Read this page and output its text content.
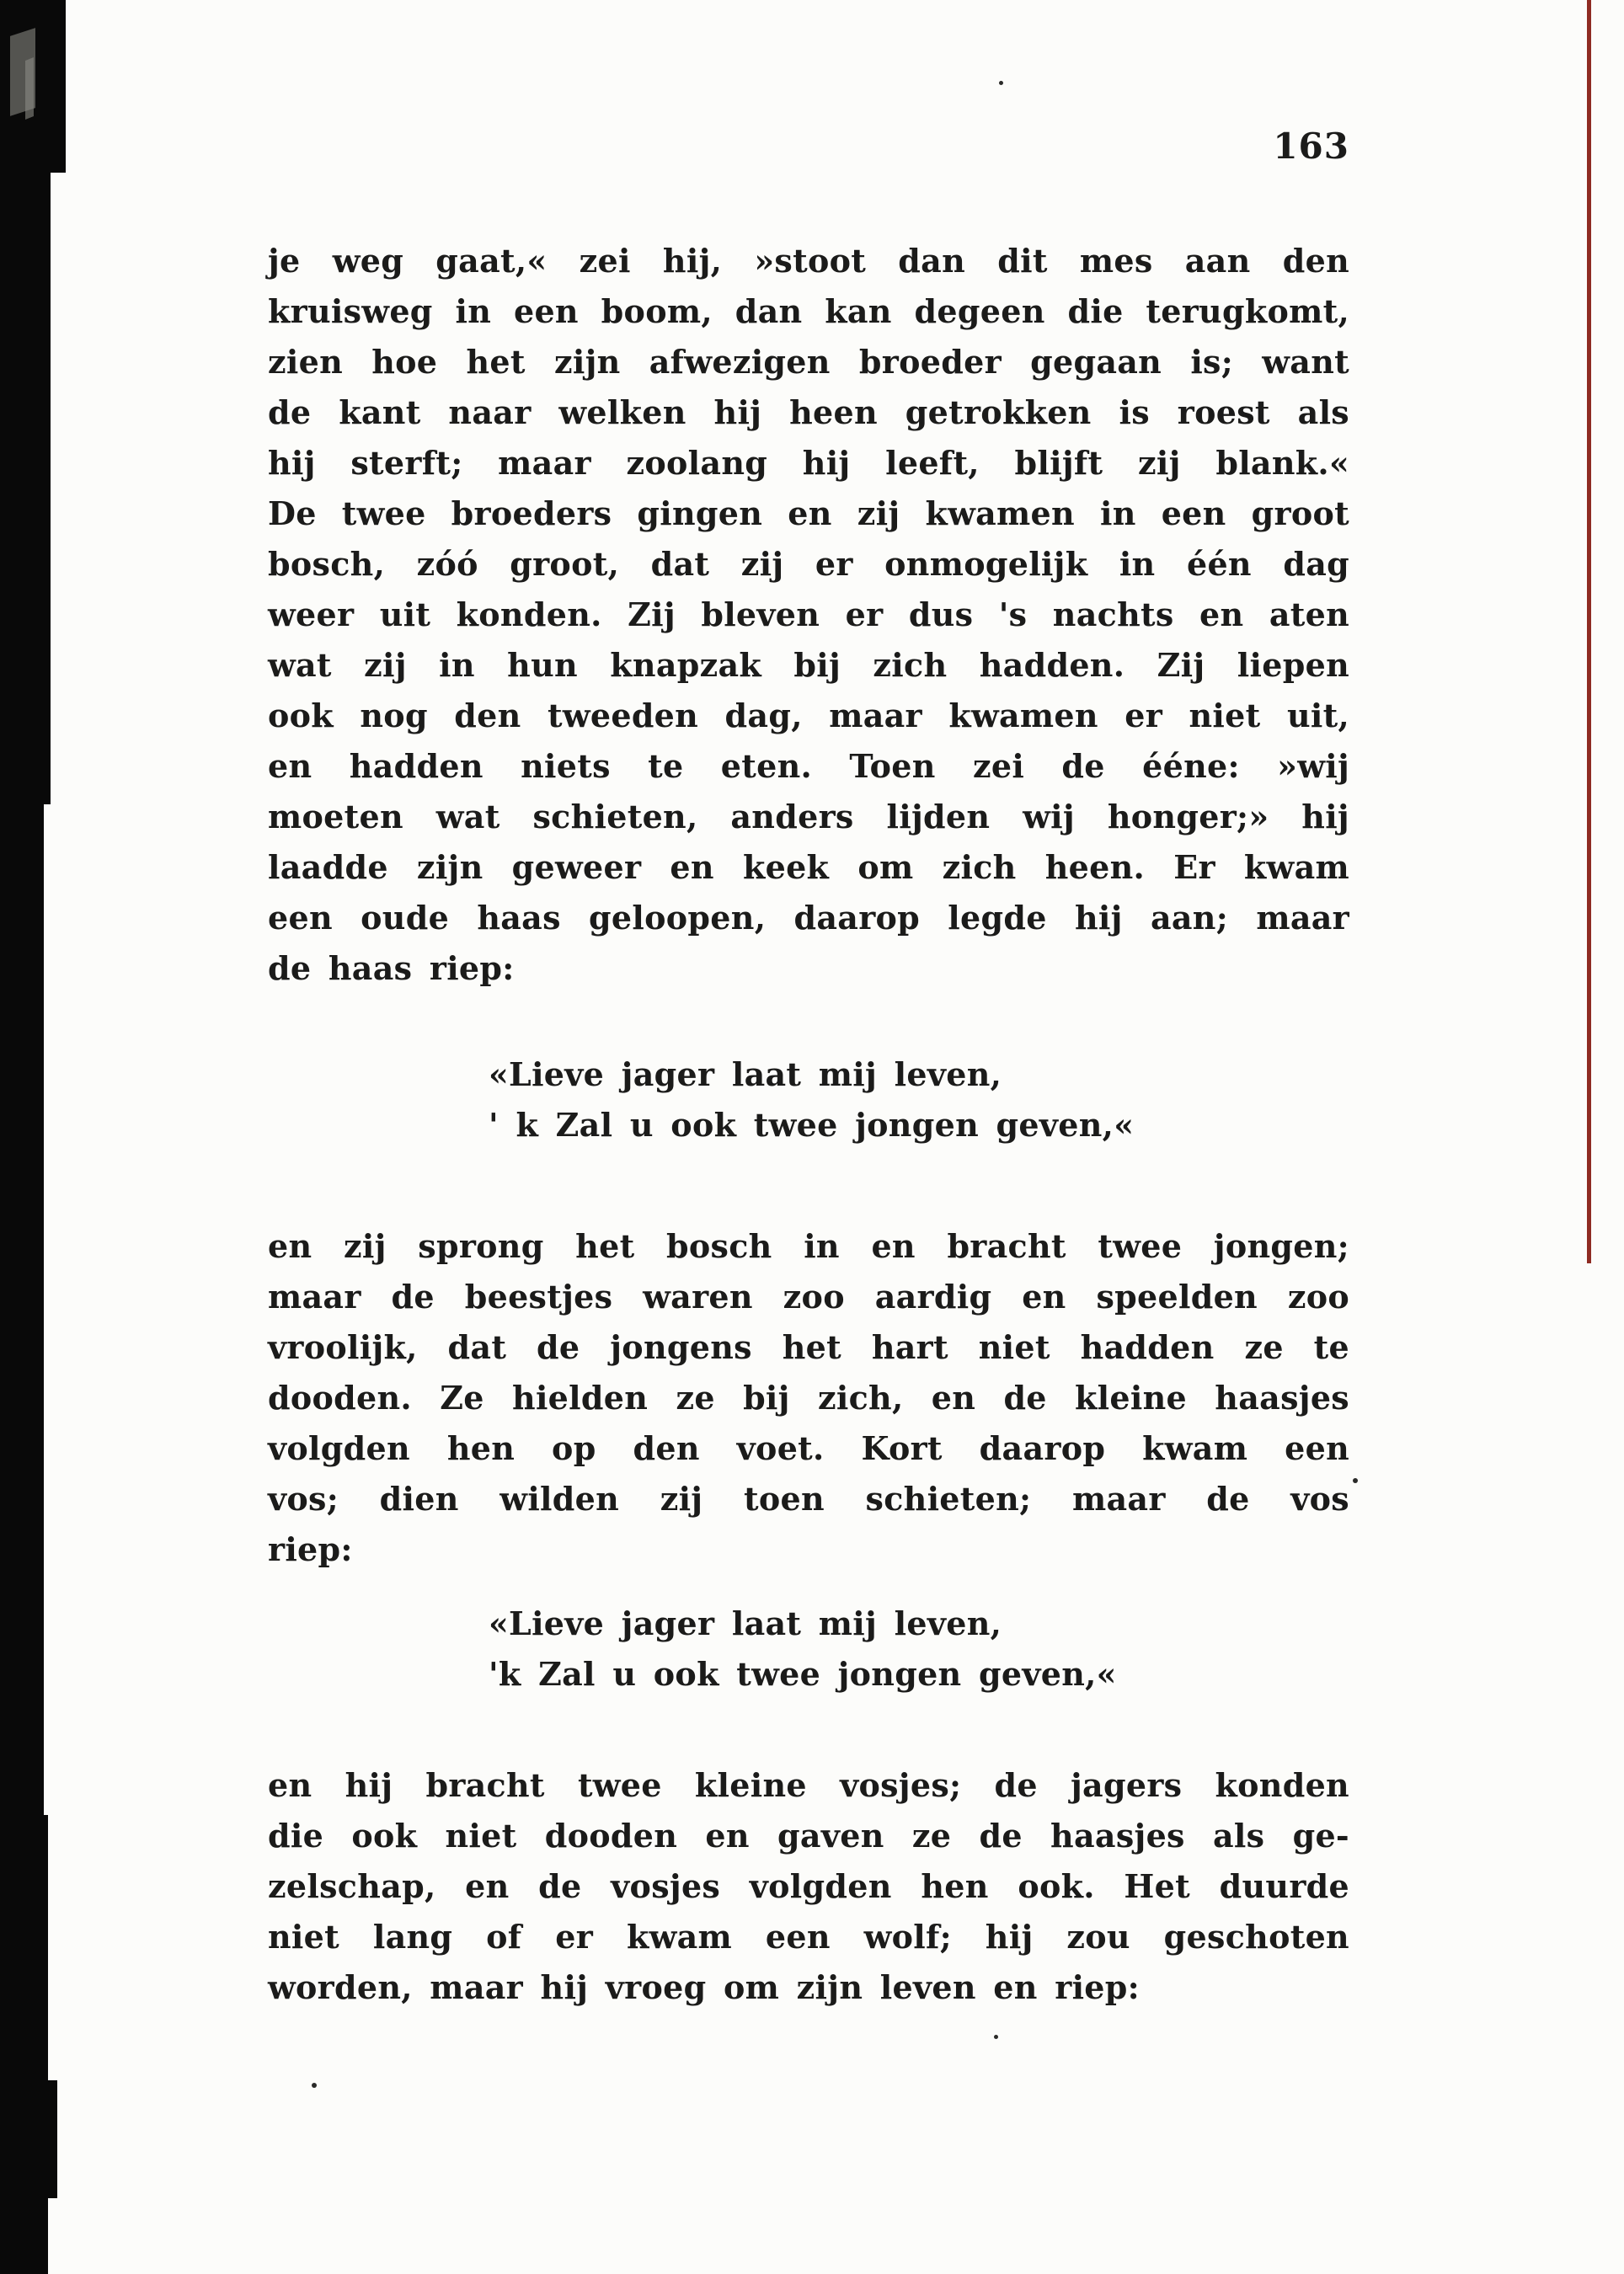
163
je weg gaat,« zei hij, »stoot dan dit mes aan den
kruisweg in een boom, dan kan degeen die terugkomt,
zien hoe het zijn afwezigen broeder gegaan is; want
de kant naar welken hij heen getrokken is roest als
hij sterft; maar zoolang hij leeft, blijft zij blank.«
De twee broeders gingen en zij kwamen in een groot
bosch, zóó groot, dat zij er onmogelijk in één dag
weer uit konden. Zij bleven er dus 's nachts en aten
wat zij in hun knapzak bij zich hadden. Zij liepen
ook nog den tweeden dag, maar kwamen er niet uit,
en hadden niets te eten. Toen zei de ééne: »wij
moeten wat schieten, anders lijden wij honger;» hij
laadde zijn geweer en keek om zich heen. Er kwam
een oude haas geloopen, daarop legde hij aan; maar
de haas riep:
«Lieve jager laat mij leven,
' k Zal u ook twee jongen geven,«
en zij sprong het bosch in en bracht twee jongen;
maar de beestjes waren zoo aardig en speelden zoo
vroolijk, dat de jongens het hart niet hadden ze te
dooden. Ze hielden ze bij zich, en de kleine haasjes
volgden hen op den voet. Kort daarop kwam een
vos; dien wilden zij toen schieten; maar de vos
riep:
«Lieve jager laat mij leven,
'k Zal u ook twee jongen geven,«
en hij bracht twee kleine vosjes; de jagers konden
die ook niet dooden en gaven ze de haasjes als ge-
zelschap, en de vosjes volgden hen ook. Het duurde
niet lang of er kwam een wolf; hij zou geschoten
worden, maar hij vroeg om zijn leven en riep:
